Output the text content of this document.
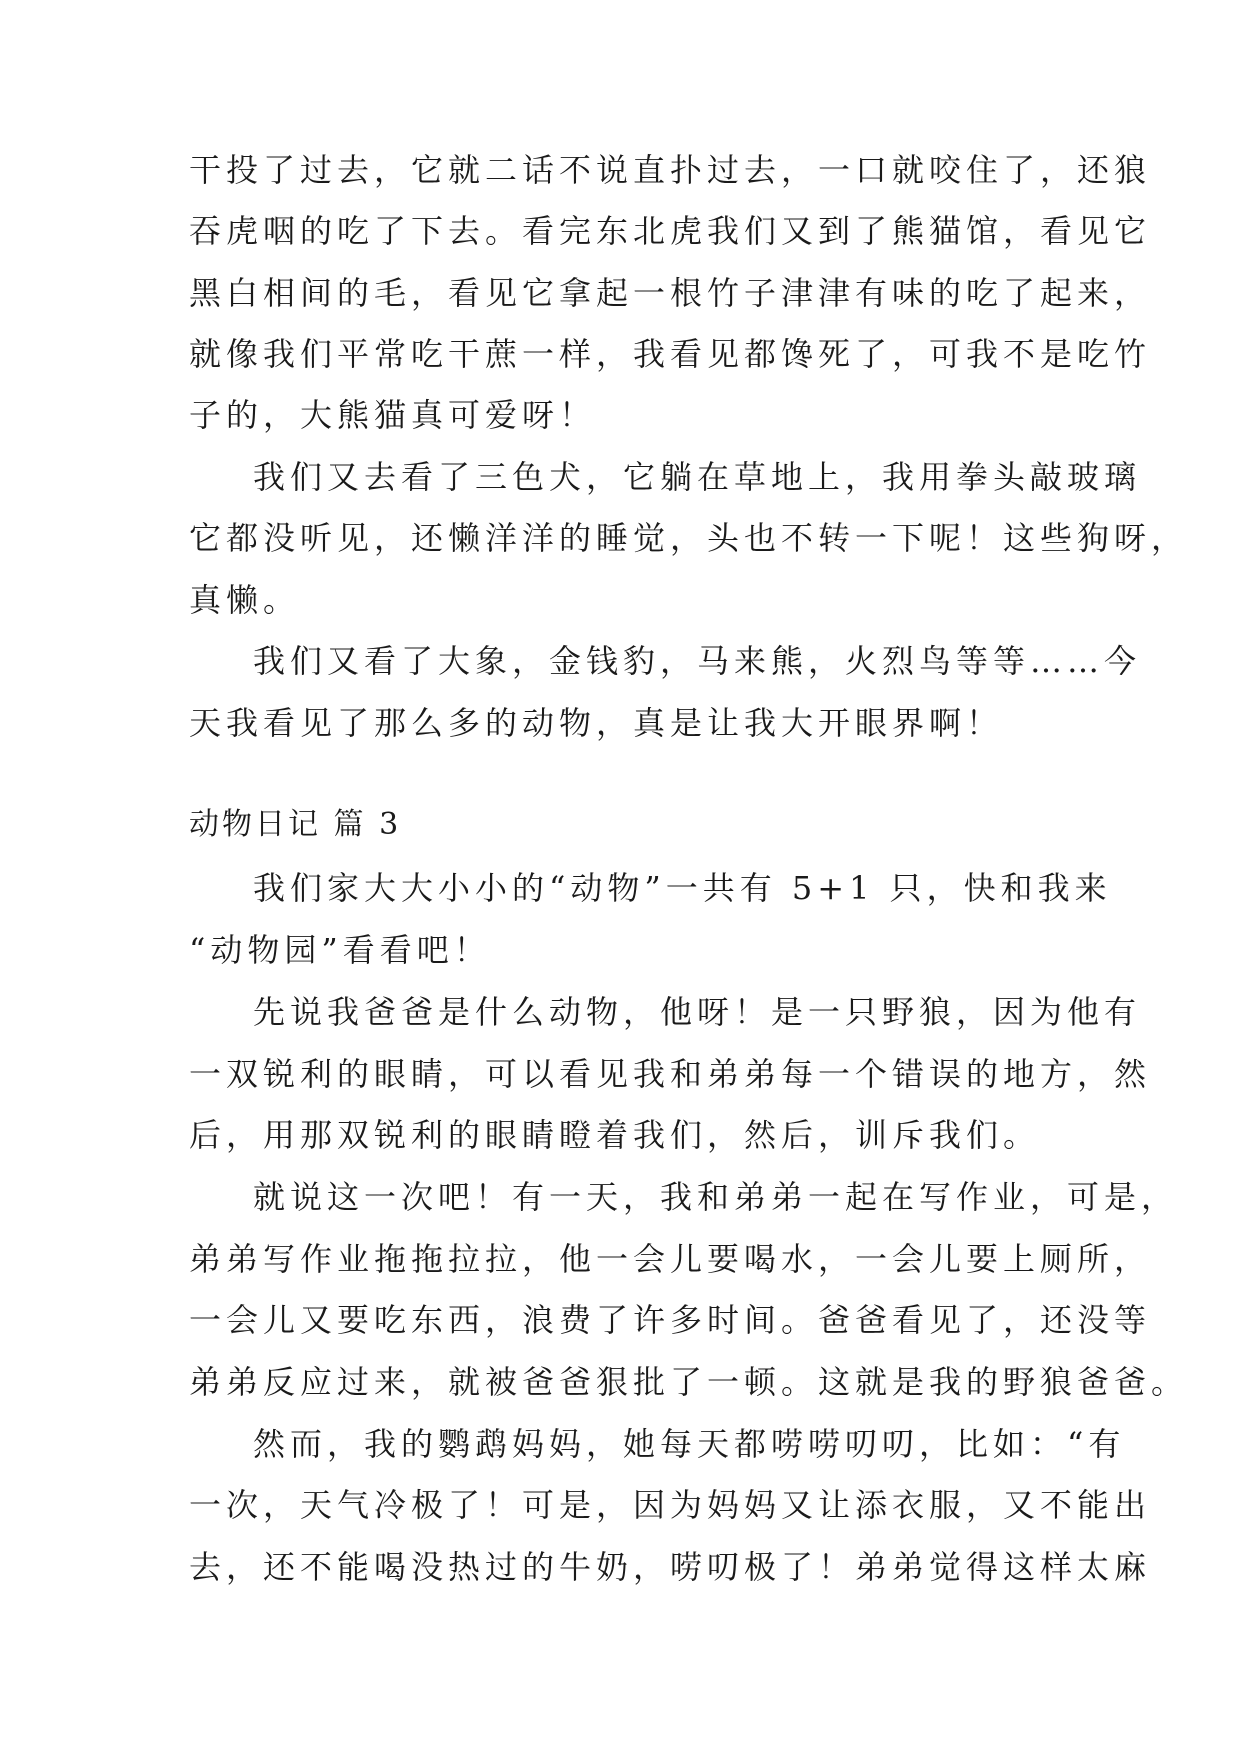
干投了过去，它就二话不说直扑过去，一口就咬住了，还狼
吞虎咽的吃了下去。看完东北虎我们又到了熊猫馆，看见它
黑白相间的毛，看见它拿起一根竹子津津有味的吃了起来，
就像我们平常吃干蔗一样，我看见都馋死了，可我不是吃竹
子的，大熊猫真可爱呀！
我们又去看了三色犬，它躺在草地上，我用拳头敲玻璃
它都没听见，还懒洋洋的睡觉，头也不转一下呢！这些狗呀，
真懒。
我们又看了大象，金钱豹，马来熊，火烈鸟等等……今
天我看见了那么多的动物，真是让我大开眼界啊！
动物日记 篇 3
我们家大大小小的“动物”一共有 5+1 只，快和我来
“动物园”看看吧！
先说我爸爸是什么动物，他呀！是一只野狼，因为他有
一双锐利的眼睛，可以看见我和弟弟每一个错误的地方，然
后，用那双锐利的眼睛瞪着我们，然后，训斥我们。
就说这一次吧！有一天，我和弟弟一起在写作业，可是，
弟弟写作业拖拖拉拉，他一会儿要喝水，一会儿要上厕所，
一会儿又要吃东西，浪费了许多时间。爸爸看见了，还没等
弟弟反应过来，就被爸爸狠批了一顿。这就是我的野狼爸爸。
然而，我的鹦鹉妈妈，她每天都唠唠叨叨，比如：“有
一次，天气冷极了！可是，因为妈妈又让添衣服，又不能出
去，还不能喝没热过的牛奶，唠叨极了！弟弟觉得这样太麻
